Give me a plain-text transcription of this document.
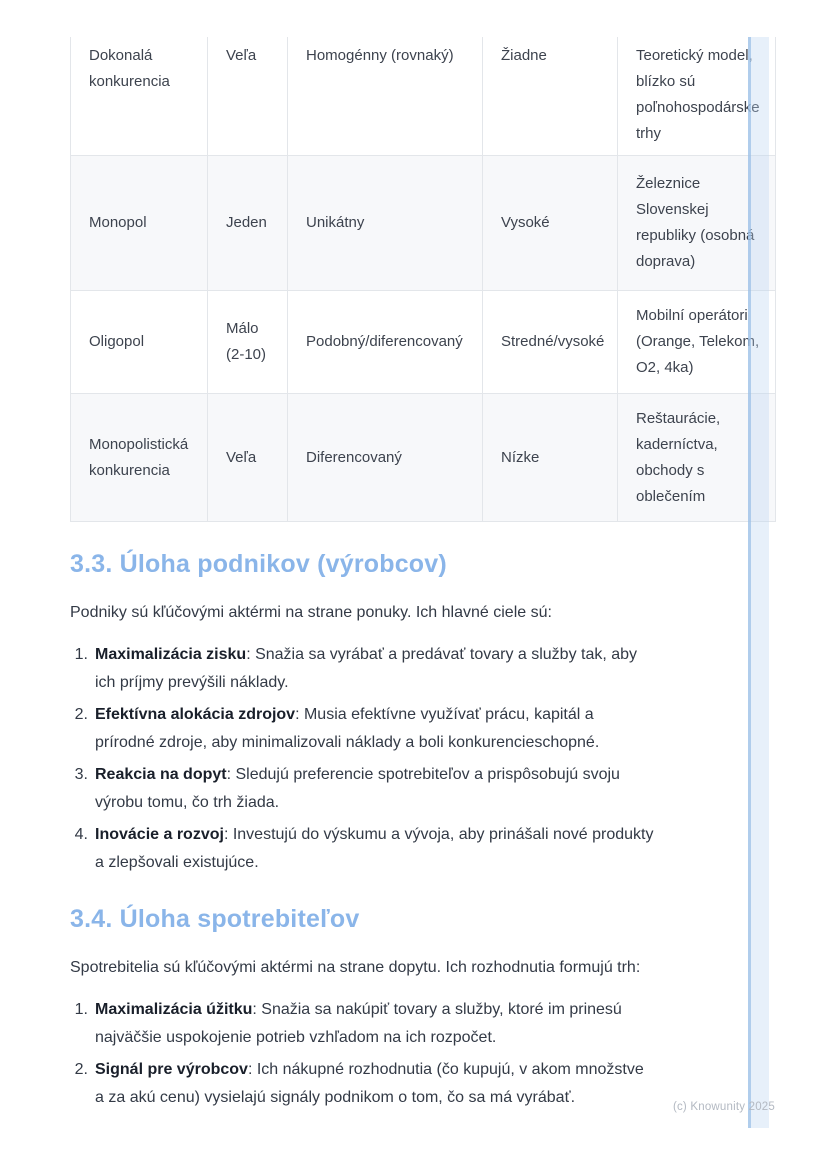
Dokonalá konkurencia	Veľa	Homogénny (rovnaký)	Žiadne	Teoretický model, blízko sú poľnohospodárske trhy
Monopol	Jeden	Unikátny	Vysoké	Železnice Slovenskej republiky (osobná doprava)
Oligopol	Málo (2-10)	Podobný/diferencovaný	Stredné/vysoké	Mobilní operátori (Orange, Telekom, O2, 4ka)
Monopolistická konkurencia	Veľa	Diferencovaný	Nízke	Reštaurácie, kaderníctva, obchody s oblečením
3.3. Úloha podnikov (výrobcov)

Podniky sú kľúčovými aktérmi na strane ponuky. Ich hlavné ciele sú:

1. Maximalizácia zisku: Snažia sa vyrábať a predávať tovary a služby tak, aby ich príjmy prevýšili náklady.
2. Efektívna alokácia zdrojov: Musia efektívne využívať prácu, kapitál a prírodné zdroje, aby minimalizovali náklady a boli konkurencieschopné.
3. Reakcia na dopyt: Sledujú preferencie spotrebiteľov a prispôsobujú svoju výrobu tomu, čo trh žiada.
4. Inovácie a rozvoj: Investujú do výskumu a vývoja, aby prinášali nové produkty a zlepšovali existujúce.
3.4. Úloha spotrebiteľov

Spotrebitelia sú kľúčovými aktérmi na strane dopytu. Ich rozhodnutia formujú trh:

1. Maximalizácia úžitku: Snažia sa nakúpiť tovary a služby, ktoré im prinesú najväčšie uspokojenie potrieb vzhľadom na ich rozpočet.
2. Signál pre výrobcov: Ich nákupné rozhodnutia (čo kupujú, v akom množstve a za akú cenu) vysielajú signály podnikom o tom, čo sa má vyrábať.
(c) Knowunity 2025
